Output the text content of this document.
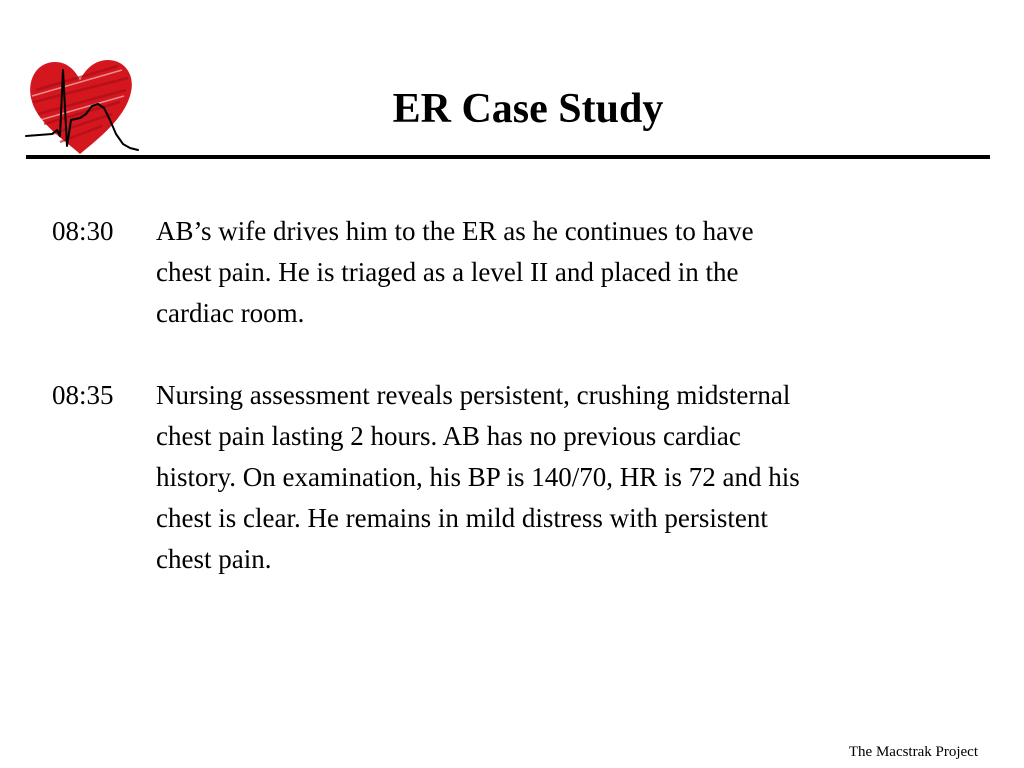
ER Case Study
08:30	AB’s wife drives him to the ER as he continues to have
chest pain. He is triaged as a level II and placed in the
cardiac room.
08:35	Nursing assessment reveals persistent, crushing midsternal
chest pain lasting 2 hours. AB has no previous cardiac
history. On examination, his BP is 140/70, HR is 72 and his
chest is clear. He remains in mild distress with persistent
chest pain.
The Macstrak Project
